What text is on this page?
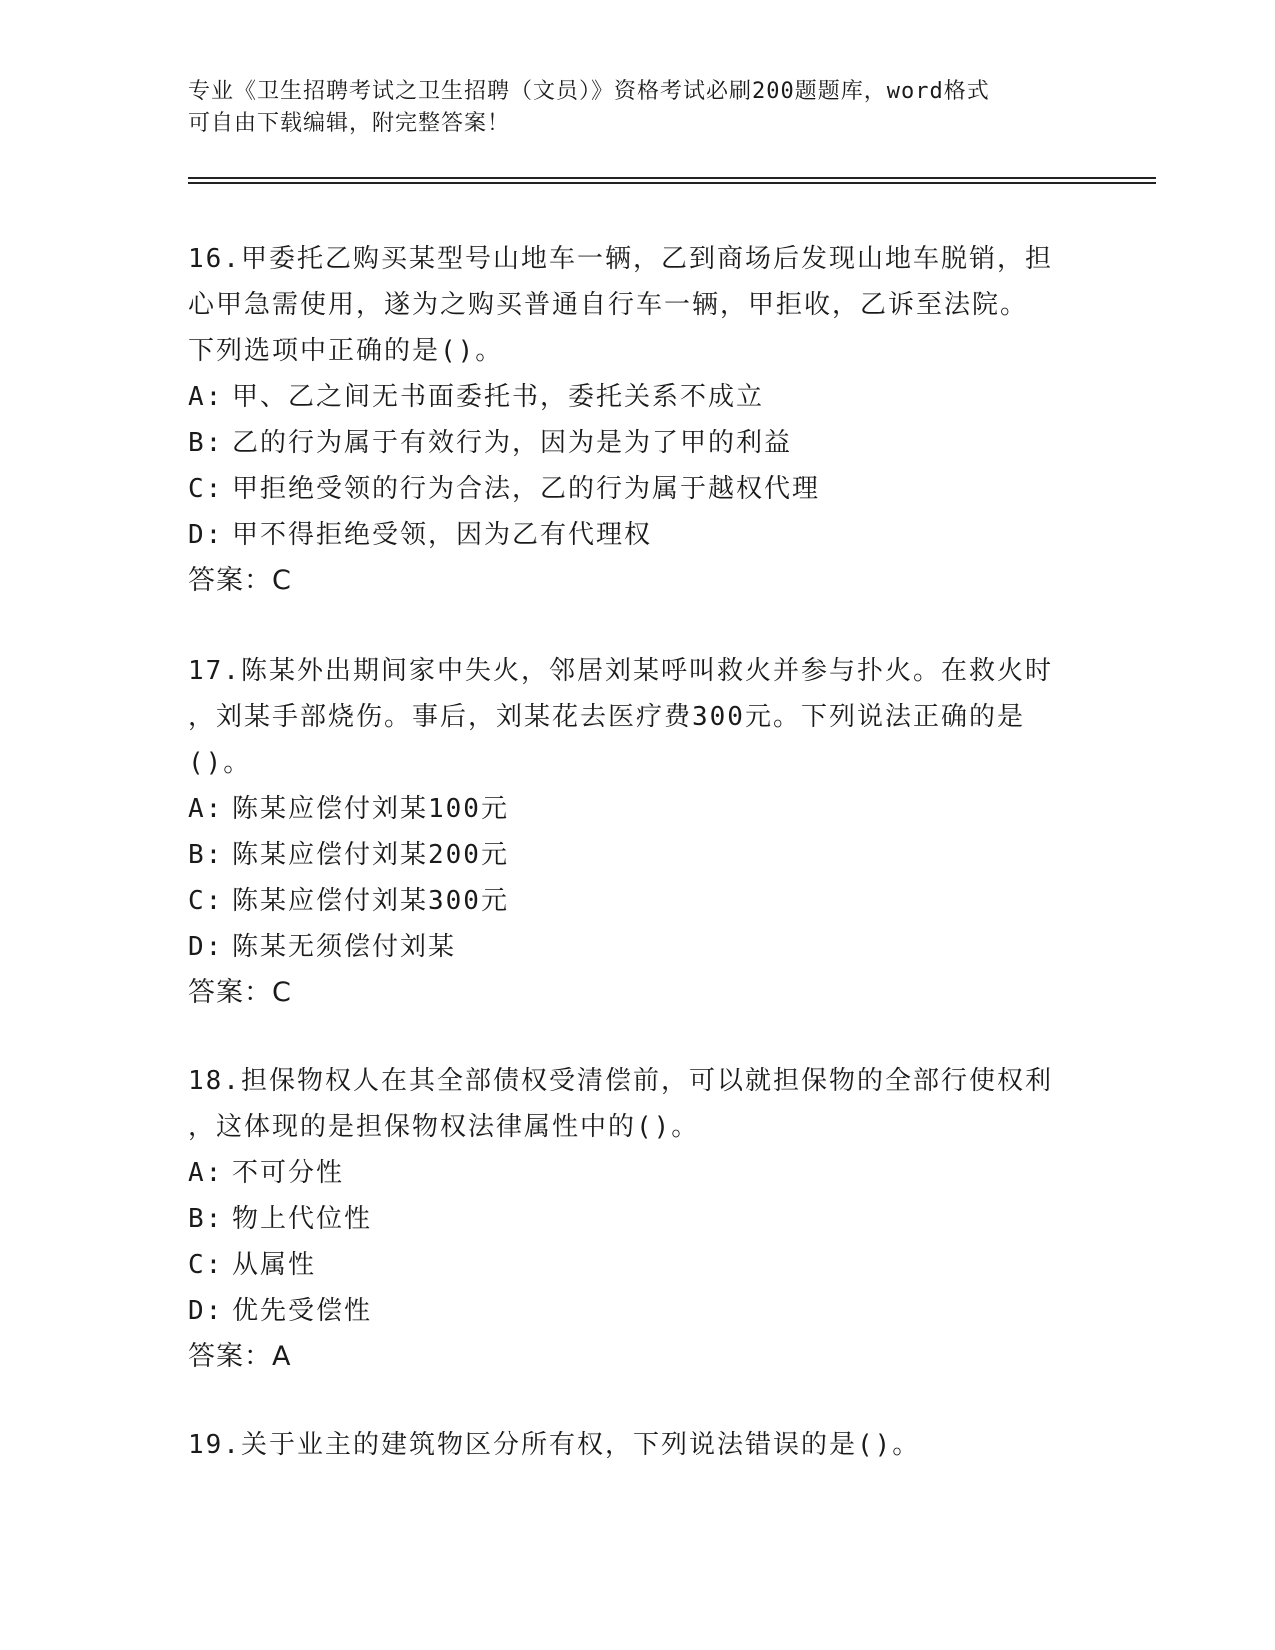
专业《卫生招聘考试之卫生招聘（文员）》资格考试必刷200题题库，word格式
可自由下载编辑，附完整答案！
16.甲委托乙购买某型号山地车一辆，乙到商场后发现山地车脱销，担
心甲急需使用，遂为之购买普通自行车一辆，甲拒收，乙诉至法院。
下列选项中正确的是()。
A: 甲、乙之间无书面委托书，委托关系不成立
B: 乙的行为属于有效行为，因为是为了甲的利益
C: 甲拒绝受领的行为合法，乙的行为属于越权代理
D: 甲不得拒绝受领，因为乙有代理权
答案：C
17.陈某外出期间家中失火，邻居刘某呼叫救火并参与扑火。在救火时
，刘某手部烧伤。事后，刘某花去医疗费300元。下列说法正确的是
()。
A: 陈某应偿付刘某100元
B: 陈某应偿付刘某200元
C: 陈某应偿付刘某300元
D: 陈某无须偿付刘某
答案：C
18.担保物权人在其全部债权受清偿前，可以就担保物的全部行使权利
，这体现的是担保物权法律属性中的()。
A: 不可分性
B: 物上代位性
C: 从属性
D: 优先受偿性
答案：A
19.关于业主的建筑物区分所有权，下列说法错误的是()。
